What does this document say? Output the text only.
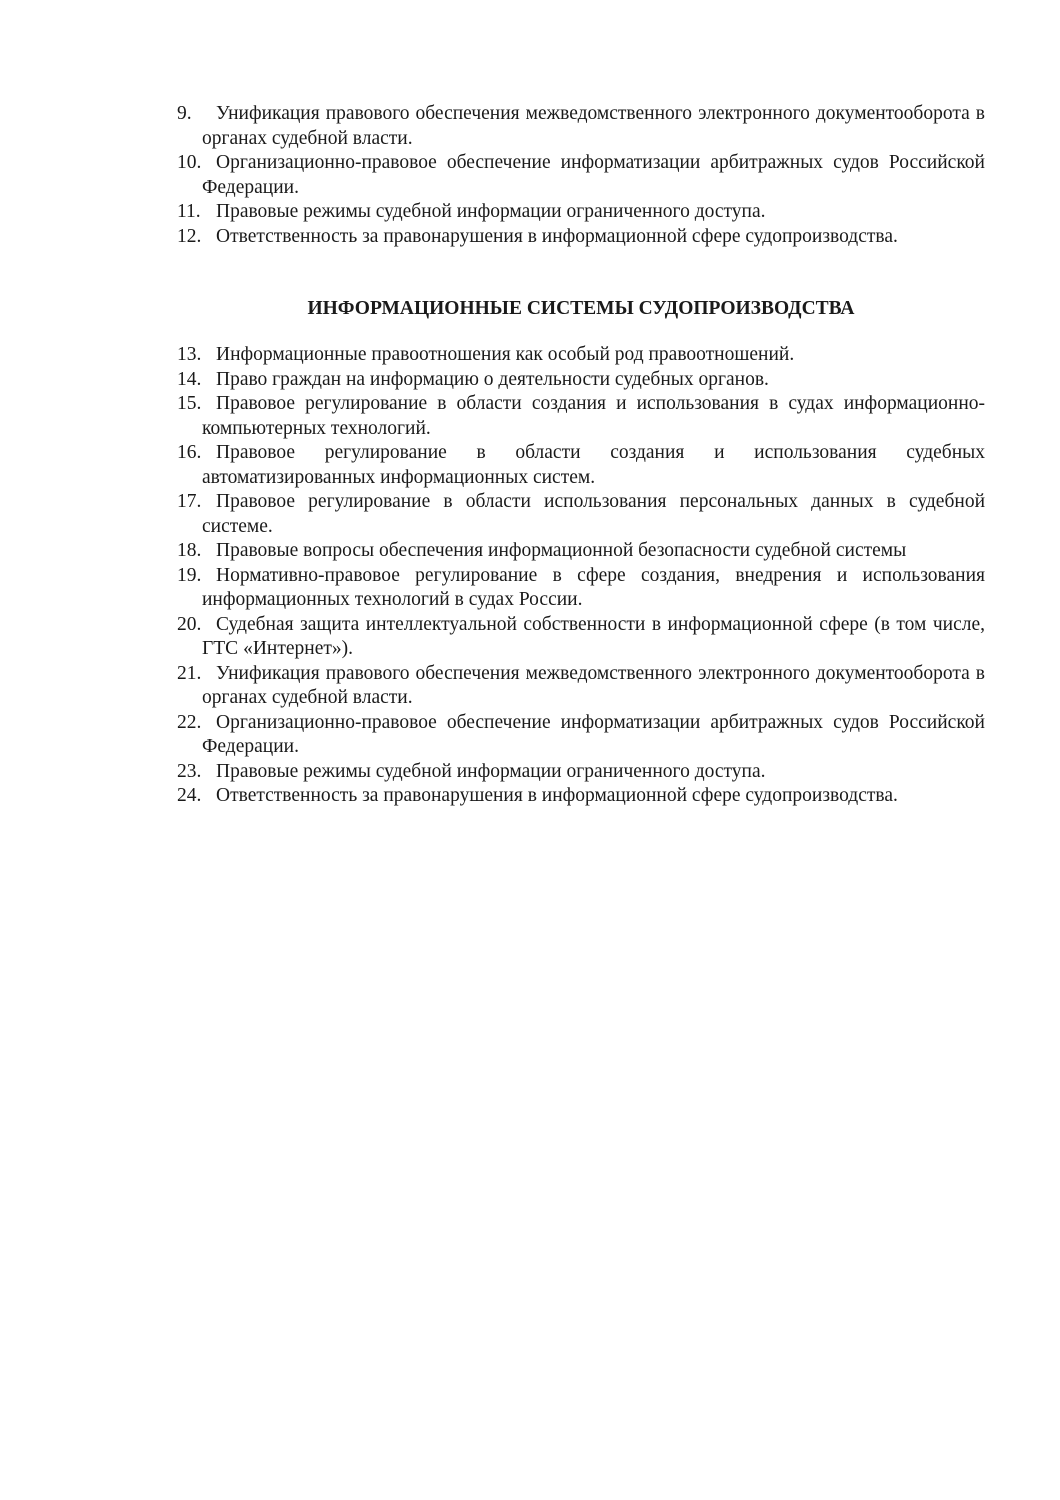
9. Унификация правового обеспечения межведомственного электронного документооборота в органах судебной власти.
10. Организационно-правовое обеспечение информатизации арбитражных судов Российской Федерации.
11. Правовые режимы судебной информации ограниченного доступа.
12. Ответственность за правонарушения в информационной сфере судопроизводства.
ИНФОРМАЦИОННЫЕ СИСТЕМЫ СУДОПРОИЗВОДСТВА
13. Информационные правоотношения как особый род правоотношений.
14. Право граждан на информацию о деятельности судебных органов.
15. Правовое регулирование в области создания и использования в судах информационно-компьютерных технологий.
16. Правовое регулирование в области создания и использования судебных автоматизированных информационных систем.
17. Правовое регулирование в области использования персональных данных в судебной системе.
18. Правовые вопросы обеспечения информационной безопасности судебной системы
19. Нормативно-правовое регулирование в сфере создания, внедрения и использования информационных технологий в судах России.
20. Судебная защита интеллектуальной собственности в информационной сфере (в том числе, ГТС «Интернет»).
21. Унификация правового обеспечения межведомственного электронного документооборота в органах судебной власти.
22. Организационно-правовое обеспечение информатизации арбитражных судов Российской Федерации.
23. Правовые режимы судебной информации ограниченного доступа.
24. Ответственность за правонарушения в информационной сфере судопроизводства.
